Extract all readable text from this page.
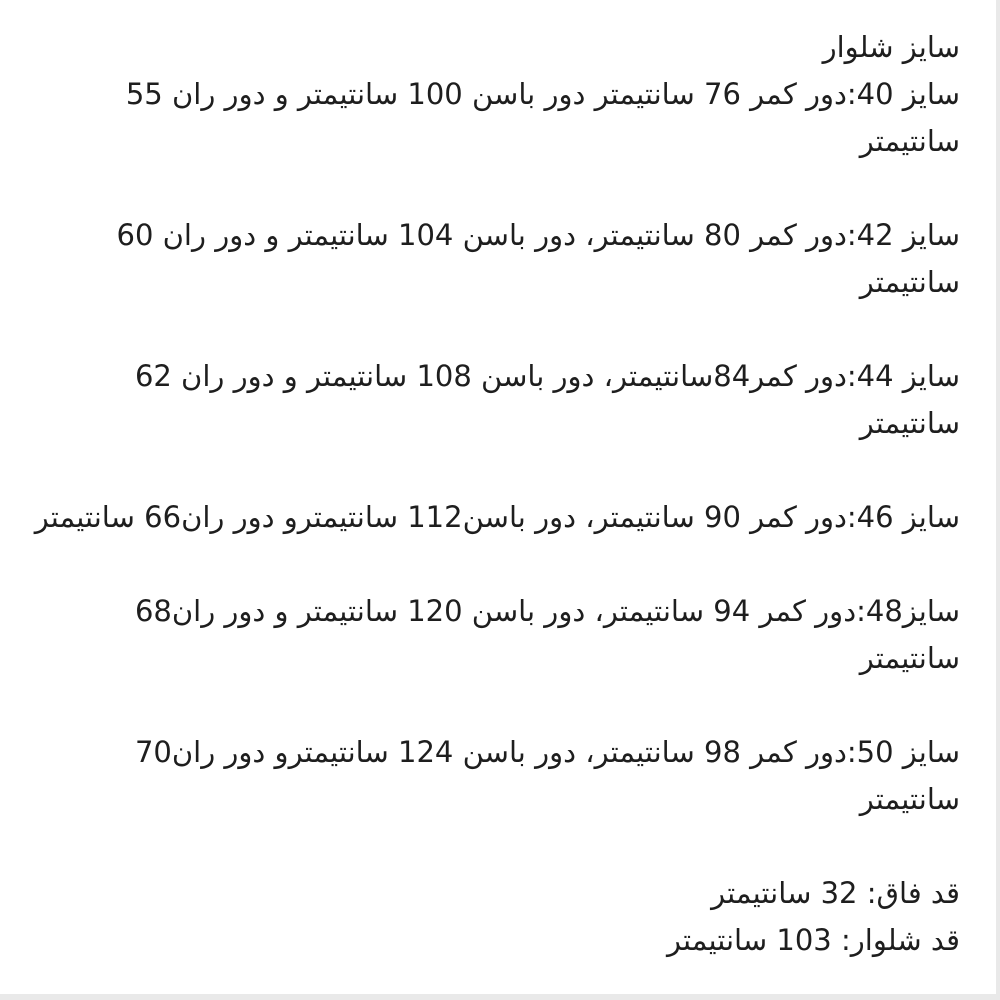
سایز شلوار
سایز 40:دور کمر 76 سانتیمتر دور باسن 100 سانتیمتر و دور ران 55
سانتیمتر
سایز 42:دور کمر 80 سانتیمتر، دور باسن 104 سانتیمتر و دور ران 60
سانتیمتر
سایز 44:دور کمر84سانتیمتر، دور باسن 108 سانتیمتر و دور ران 62
سانتیمتر
سایز 46:دور کمر 90 سانتیمتر، دور باسن112 سانتیمترو دور ران66 سانتیمتر
سایز48:دور کمر 94 سانتیمتر، دور باسن 120 سانتیمتر و دور ران68
سانتیمتر
سایز 50:دور کمر 98 سانتیمتر، دور باسن 124 سانتیمترو دور ران70
سانتیمتر
قد فاق: 32 سانتیمتر
قد شلوار: 103 سانتیمتر
